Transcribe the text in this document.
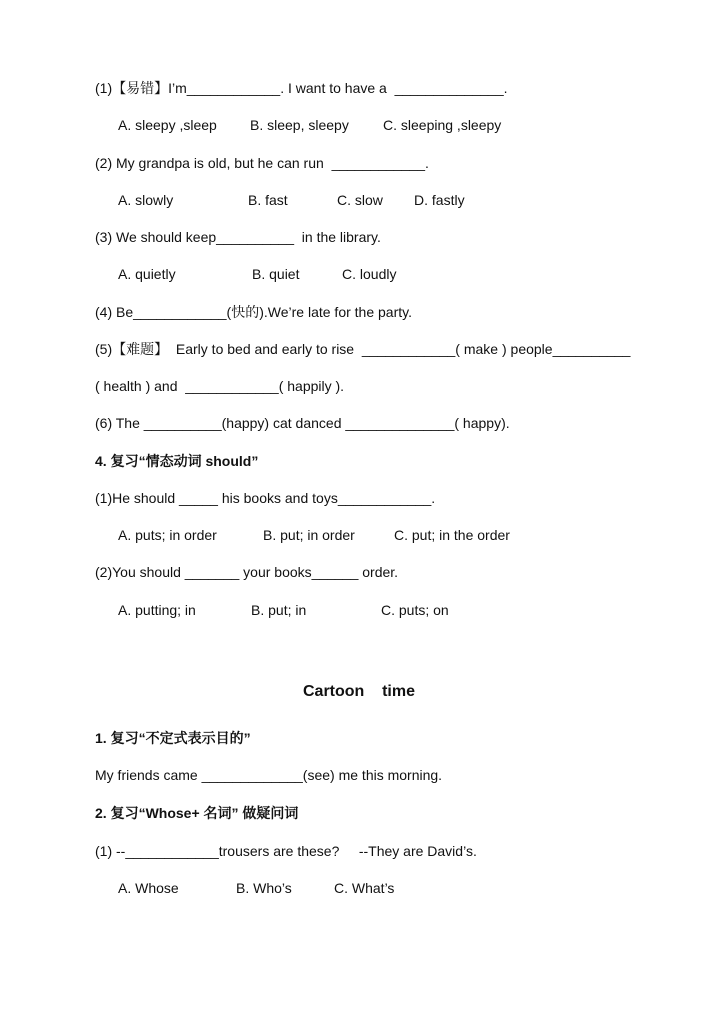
(1)【易错】I’m____________. I want to have a  ______________.
A. sleepy ,sleep B. sleep, sleepy C. sleeping ,sleepy
(2) My grandpa is old, but he can run  ____________.
A. slowly	B. fast	C. slow D. fastly
(3) We should keep__________  in the library.
A. quietly	B. quiet	C. loudly
(4) Be____________(快的).We’re late for the party.
(5)【难题】  Early to bed and early to rise  ____________( make ) people__________
( health ) and  ____________( happily ).
(6) The __________(happy) cat danced ______________( happy).
4. 复习“情态动词 should”
(1)He should _____ his books and toys____________.
A. puts; in order	B. put; in order	C. put; in the order
(2)You should _______ your books______ order.
A. putting; in	B. put; in	C. puts; on
Cartoon    time
1. 复习“不定式表示目的”
My friends came _____________(see) me this morning.
2. 复习“Whose+ 名词” 做疑问词
(1) --____________trousers are these?     --They are David’s.
A. Whose	B. Who’s	C. What’s
